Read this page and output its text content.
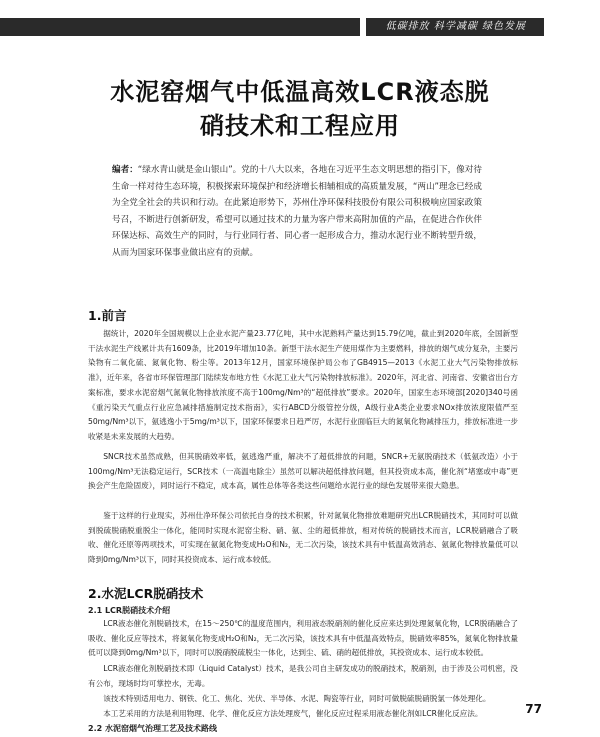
低碳排放 科学减碳 绿色发展
水泥窑烟气中低温高效LCR液态脱
硝技术和工程应用
编者：“绿水青山就是金山银山”。党的十八大以来，各地在习近平生态文明思想的指引下，像对待生命一样对待生态环境，积极探索环境保护和经济增长相辅相成的高质量发展，“两山”理念已经成为全党全社会的共识和行动。在此紧迫形势下，苏州仕净环保科技股份有限公司积极响应国家政策号召，不断进行创新研发，希望可以通过技术的力量为客户带来高附加值的产品，在促进合作伙伴环保达标、高效生产的同时，与行业同行者、同心者一起形成合力，推动水泥行业不断转型升级，从而为国家环保事业做出应有的贡献。
1.前言
据统计，2020年全国规模以上企业水泥产量23.77亿吨，其中水泥熟料产量达到15.79亿吨，截止到2020年底，全国新型干法水泥生产线累计共有1609条，比2019年增加10条。新型干法水泥生产使用煤作为主要燃料，排放的烟气成分复杂，主要污染物有二氧化硫、氮氧化物、粉尘等。2013年12月，国家环境保护局公布了GB4915—2013《水泥工业大气污染物排放标准》，近年来，各省市环保管理部门陆续发布地方性《水泥工业大气污染物排放标准》。2020年，河北省、河南省、安徽省出台方案标准，要求水泥窑烟气氮氧化物排放浓度不高于100mg/Nm³的“超低排放”要求。2020年，国家生态环境部[2020]340号函《重污染天气重点行业应急减排措施制定技术指南》，实行ABCD分级管控分级，A级行业A类企业要求NOx排放浓度限值严至50mg/Nm³以下，氨逃逸小于5mg/m³以下，国家环保要求日趋严厉，水泥行业面临巨大的氮氧化物减排压力，排放标准进一步收紧是未来发展的大趋势。
SNCR技术虽然成熟，但其脱硝效率低，氨逃逸严重，解决不了超低排放的问题，SNCR+无氨脱硝技术（低氨改造）小于100mg/Nm³无法稳定运行，SCR技术（一高温电除尘）虽然可以解决超低排放问题，但其投资成本高，催化剂“堵塞或中毒”更换会产生危险固废），同时运行不稳定，成本高，属性总体等各类这些问题给水泥行业的绿色发展带来很大隐患。
鉴于这样的行业现实，苏州仕净环保公司依托自身的技术积累，针对氮氧化物排放难题研究出LCR脱硝技术，其同时可以做到脱硫脱硝脱重脱尘一体化，能同时实现水泥窑尘粉、硝、氨、尘的超低排放，相对传统的脱硝技术而言，LCR脱硝融合了吸收、催化还原等两项技术，可实现在氨氮化物变成H₂O和N₂，无二次污染，该技术具有中低温高效消态、氨氮化物排放量低可以降到0mg/Nm³以下，同时其投资成本、运行成本较低。
2.水泥LCR脱硝技术
2.1 LCR脱硝技术介绍
LCR液态催化剂脱硝技术，在15～250℃的温度范围内，利用液态脱硝剂的催化反应来达到处理氮氧化物，LCR脱硝融合了吸收、催化反应等技术，将氮氧化物变成H₂O和N₂，无二次污染，该技术具有中低温高效特点，脱硝效率85%，氮氧化物排放量低可以降到0mg/Nm³以下，同时可以脱硝脱硫脱尘一体化，达到尘、硫、硝的超低排放，其投资成本、运行成本较低。
LCR液态催化剂脱硝技术即（Liquid Catalyst）技术，是我公司自主研发成功的脱硝技术，脱硝剂，由于涉及公司机密，没有公布，现场时均可掌控水，无毒。
该技术特别适用电力、钢铁、化工、焦化、光伏、半导体、水泥、陶瓷等行业，同时可做脱硫脱硝脱氯一体处理化。
本工艺采用的方法是利用物理、化学、催化反应方法处理废气，催化反应过程采用液态催化剂如LCR催化反应法。
2.2 水泥窑烟气治理工艺及技术路线
77
